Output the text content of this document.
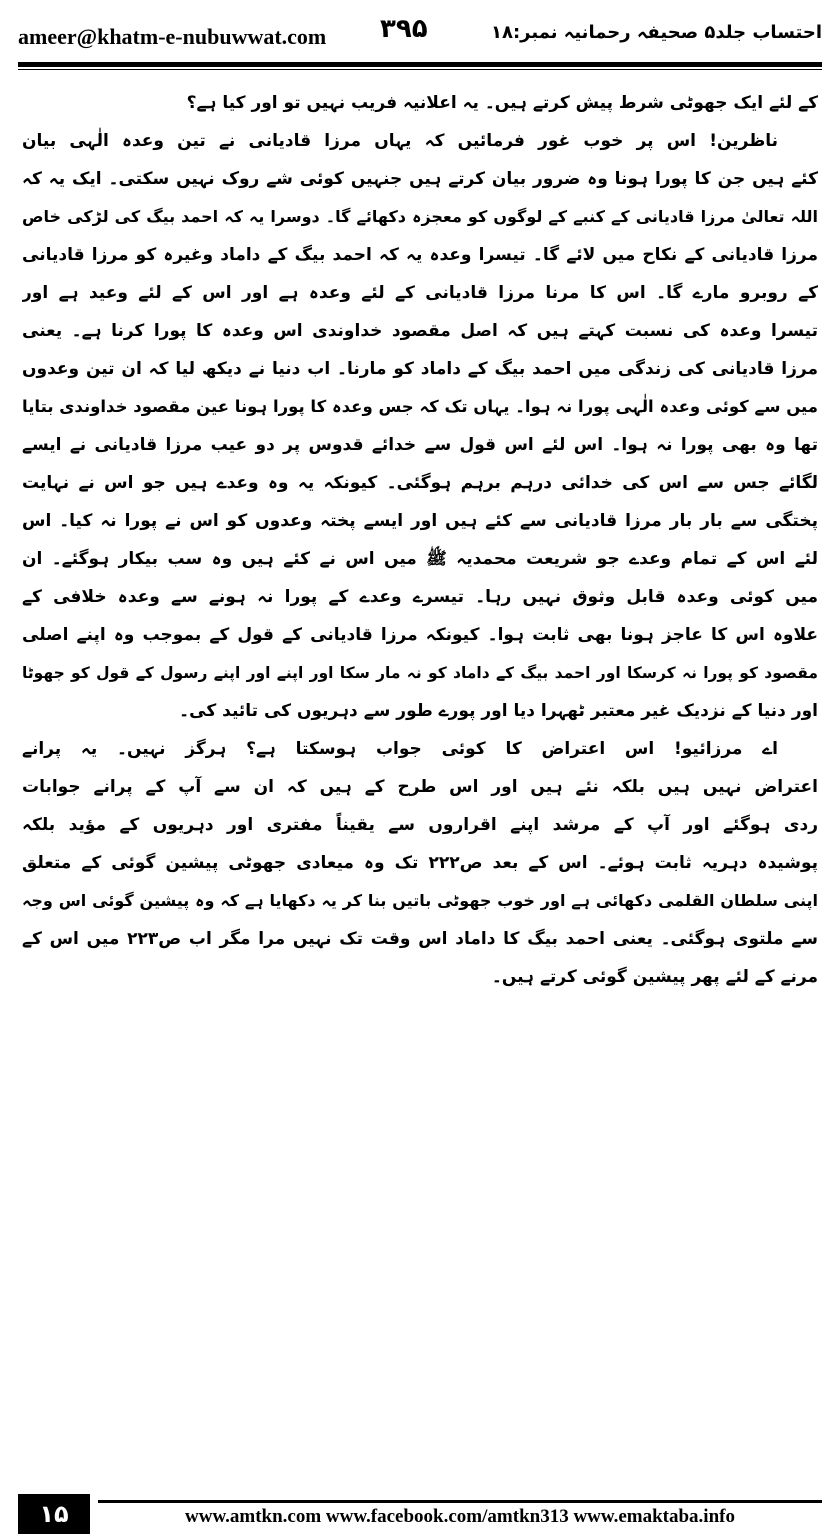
ameer@khatm-e-nubuwwat.com ۳۹۵	احتساب جلد۵ صحیفہ رحمانیہ نمبر:۱۸
کے لئے ایک جھوٹی شرط پیش کرتے ہیں۔ یہ اعلانیہ فریب نہیں تو اور کیا ہے؟
ناظرین! اس پر خوب غور فرمائیں کہ یہاں مرزا قادیانی نے تین وعدہ الٰہی بیان
کئے ہیں جن کا پورا ہونا وہ ضرور بیان کرتے ہیں جنہیں کوئی شے روک نہیں سکتی۔ ایک یہ کہ
اللہ تعالیٰ مرزا قادیانی کے کنبے کے لوگوں کو معجزہ دکھائے گا۔ دوسرا یہ کہ احمد بیگ کی لڑکی خاص
مرزا قادیانی کے نکاح میں لائے گا۔ تیسرا وعدہ یہ کہ احمد بیگ کے داماد وغیرہ کو مرزا قادیانی
کے روبرو مارے گا۔ اس کا مرنا مرزا قادیانی کے لئے وعدہ ہے اور اس کے لئے وعید ہے اور
تیسرا وعدہ کی نسبت کہتے ہیں کہ اصل مقصود خداوندی اس وعدہ کا پورا کرنا ہے۔ یعنی
مرزا قادیانی کی زندگی میں احمد بیگ کے داماد کو مارنا۔ اب دنیا نے دیکھ لیا کہ ان تین وعدوں
میں سے کوئی وعدہ الٰہی پورا نہ ہوا۔ یہاں تک کہ جس وعدہ کا پورا ہونا عین مقصود خداوندی بتایا
تھا وہ بھی پورا نہ ہوا۔ اس لئے اس قول سے خدائے قدوس پر دو عیب مرزا قادیانی نے ایسے
لگائے جس سے اس کی خدائی درہم برہم ہوگئی۔ کیونکہ یہ وہ وعدے ہیں جو اس نے نہایت
پختگی سے بار بار مرزا قادیانی سے کئے ہیں اور ایسے پختہ وعدوں کو اس نے پورا نہ کیا۔ اس
لئے اس کے تمام وعدے جو شریعت محمدیہ ﷺ میں اس نے کئے ہیں وہ سب بیکار ہوگئے۔ ان
میں کوئی وعدہ قابل وثوق نہیں رہا۔ تیسرے وعدے کے پورا نہ ہونے سے وعدہ خلافی کے
علاوہ اس کا عاجز ہونا بھی ثابت ہوا۔ کیونکہ مرزا قادیانی کے قول کے بموجب وہ اپنے اصلی
مقصود کو پورا نہ کرسکا اور احمد بیگ کے داماد کو نہ مار سکا اور اپنے اور اپنے رسول کے قول کو جھوٹا
اور دنیا کے نزدیک غیر معتبر ٹھہرا دیا اور پورے طور سے دہریوں کی تائید کی۔
اے مرزائیو! اس اعتراض کا کوئی جواب ہوسکتا ہے؟ ہرگز نہیں۔ یہ پرانے
اعتراض نہیں ہیں بلکہ نئے ہیں اور اس طرح کے ہیں کہ ان سے آپ کے پرانے جوابات
ردی ہوگئے اور آپ کے مرشد اپنے اقراروں سے یقیناً مفتری اور دہریوں کے مؤید بلکہ
پوشیدہ دہریہ ثابت ہوئے۔ اس کے بعد ص۲۲۲ تک وہ میعادی جھوٹی پیشین گوئی کے متعلق
اپنی سلطان القلمی دکھائی ہے اور خوب جھوٹی باتیں بنا کر یہ دکھایا ہے کہ وہ پیشین گوئی اس وجہ
سے ملتوی ہوگئی۔ یعنی احمد بیگ کا داماد اس وقت تک نہیں مرا مگر اب ص۲۲۳ میں اس کے
مرنے کے لئے پھر پیشین گوئی کرتے ہیں۔
۱۵	www.amtkn.com www.facebook.com/amtkn313 www.emaktaba.info
